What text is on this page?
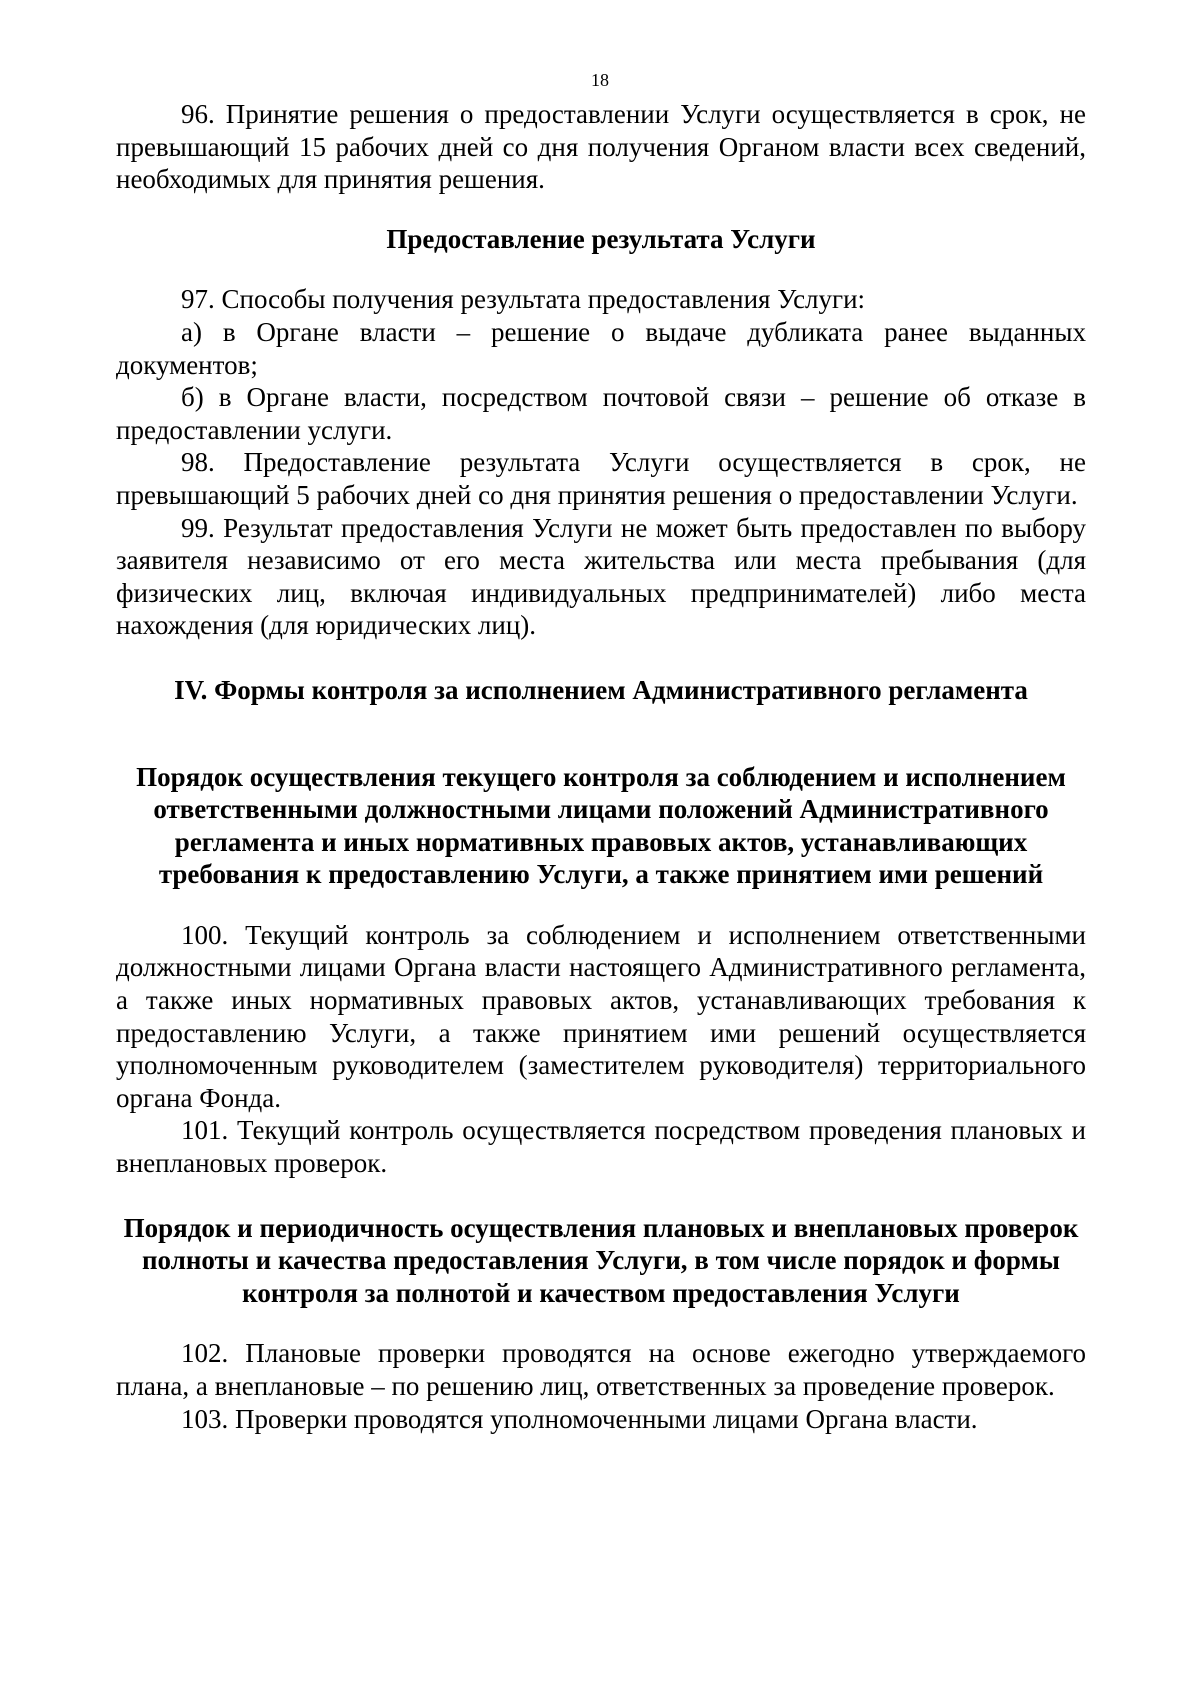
18

96. Принятие решения о предоставлении Услуги осуществляется в срок, не превышающий 15 рабочих дней со дня получения Органом власти всех сведений, необходимых для принятия решения.

Предоставление результата Услуги

97. Способы получения результата предоставления Услуги:

а) в Органе власти – решение о выдаче дубликата ранее выданных документов;

б) в Органе власти, посредством почтовой связи – решение об отказе в предоставлении услуги.

98. Предоставление результата Услуги осуществляется в срок, не превышающий 5 рабочих дней со дня принятия решения о предоставлении Услуги.

99. Результат предоставления Услуги не может быть предоставлен по выбору заявителя независимо от его места жительства или места пребывания (для физических лиц, включая индивидуальных предпринимателей) либо места нахождения (для юридических лиц).

IV. Формы контроля за исполнением Административного регламента

Порядок осуществления текущего контроля за соблюдением и исполнением ответственными должностными лицами положений Административного регламента и иных нормативных правовых актов, устанавливающих требования к предоставлению Услуги, а также принятием ими решений

100. Текущий контроль за соблюдением и исполнением ответственными должностными лицами Органа власти настоящего Административного регламента, а также иных нормативных правовых актов, устанавливающих требования к предоставлению Услуги, а также принятием ими решений осуществляется уполномоченным руководителем (заместителем руководителя) территориального органа Фонда.

101. Текущий контроль осуществляется посредством проведения плановых и внеплановых проверок.

Порядок и периодичность осуществления плановых и внеплановых проверок полноты и качества предоставления Услуги, в том числе порядок и формы контроля за полнотой и качеством предоставления Услуги

102. Плановые проверки проводятся на основе ежегодно утверждаемого плана, а внеплановые – по решению лиц, ответственных за проведение проверок.

103. Проверки проводятся уполномоченными лицами Органа власти.
